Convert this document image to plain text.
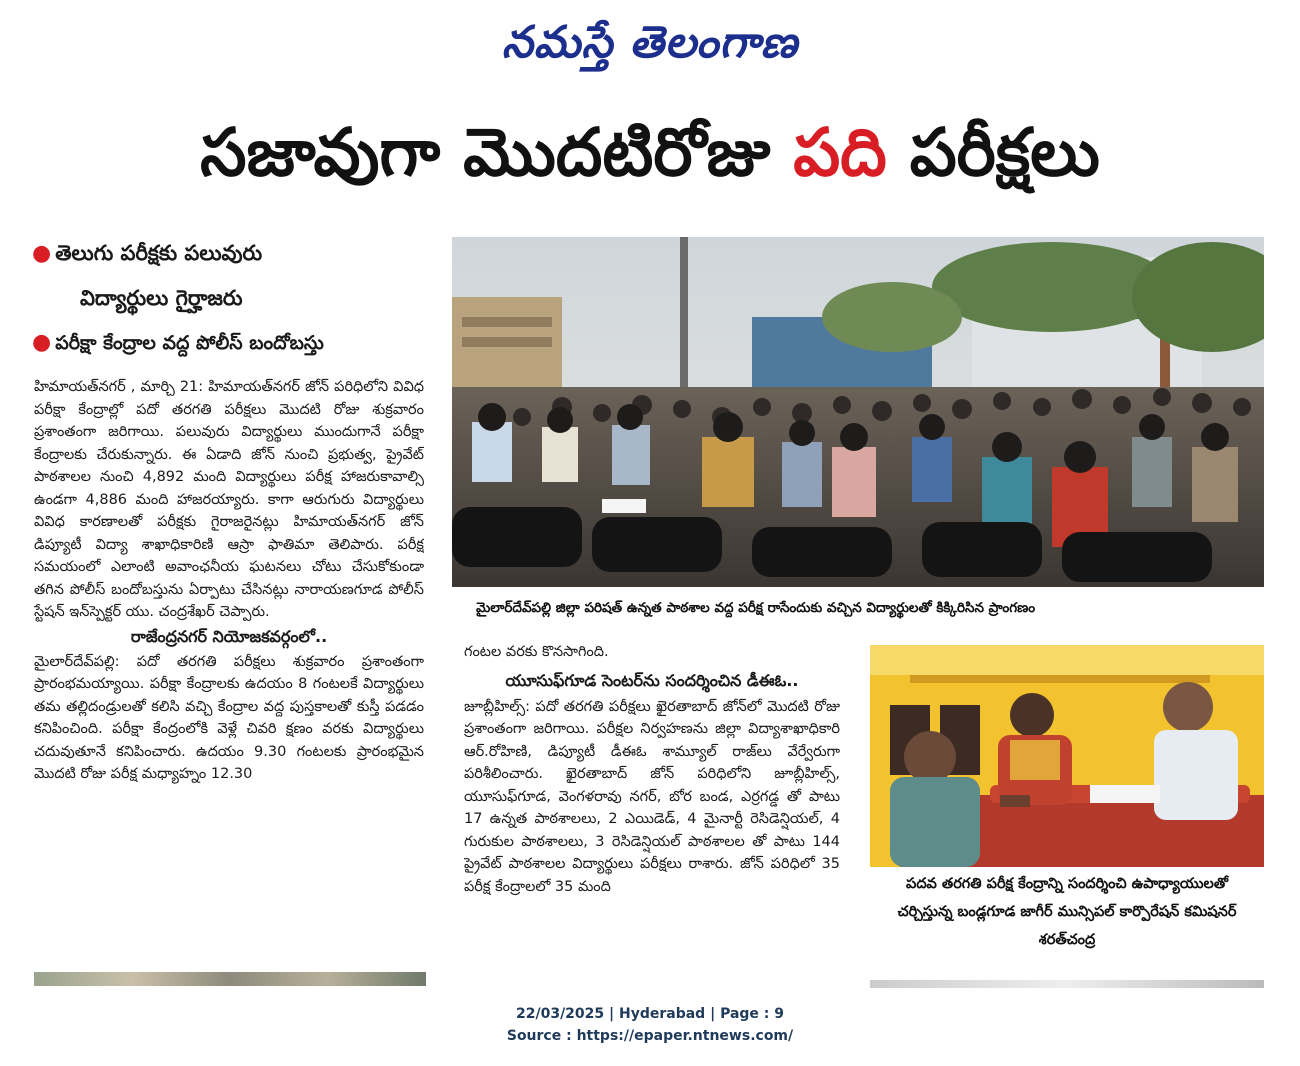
నమస్తే తెలంగాణ
సజావుగా మొదటిరోజు పది పరీక్షలు
● తెలుగు పరీక్షకు పలువురు
విద్యార్థులు గైర్హాజరు
● పరీక్షా కేంద్రాల వద్ద పోలీస్ బందోబస్తు

హిమాయత్‌నగర్ , మార్చి 21: హిమాయత్‌నగర్ జోన్ పరిధిలోని వివిధ పరీక్షా కేంద్రాల్లో పదో తరగతి పరీక్షలు మొదటి రోజు శుక్రవారం ప్రశాంతంగా జరిగాయి. పలువురు విద్యార్థులు ముందుగానే పరీక్షా కేంద్రాలకు చేరుకున్నారు. ఈ ఏడాది జోన్ నుంచి ప్రభుత్వ, ప్రైవేట్ పాఠశాలల నుంచి 4,892 మంది విద్యార్థులు పరీక్ష హాజరుకావాల్సి ఉండగా 4,886 మంది హాజరయ్యారు. కాగా ఆరుగురు విద్యార్థులు వివిధ కారణాలతో పరీక్షకు గైరాజరైనట్లు హిమాయత్‌నగర్ జోన్ డిప్యూటీ విద్యా శాఖాధికారిణి ఆస్రా ఫాతిమా తెలిపారు. పరీక్ష సమయంలో ఎలాంటి అవాంఛనీయ ఘటనలు చోటు చేసుకోకుండా తగిన పోలీస్ బందోబస్తును ఏర్పాటు చేసినట్లు నారాయణగూడ పోలీస్ స్టేషన్ ఇన్‌స్పెక్టర్ యు. చంద్రశేఖర్ చెప్పారు.

రాజేంద్రనగర్ నియోజకవర్గంలో..

మైలార్‌దేవ్‌పల్లి: పదో తరగతి పరీక్షలు శుక్రవారం ప్రశాంతంగా ప్రారంభమయ్యాయి. పరీక్షా కేంద్రాలకు ఉదయం 8 గంటలకే విద్యార్థులు తమ తల్లిదండ్రులతో కలిసి వచ్చి కేంద్రాల వద్ద పుస్తకాలతో కుస్తీ పడడం కనిపించింది. పరీక్షా కేంద్రంలోకి వెళ్లే చివరి క్షణం వరకు విద్యార్థులు చదువుతూనే కనిపించారు. ఉదయం 9.30 గంటలకు ప్రారంభమైన మొదటి రోజు పరీక్ష మధ్యాహ్నం 12.30

మైలార్‌దేవ్‌పల్లి జిల్లా పరిషత్ ఉన్నత పాఠశాల వద్ద పరీక్ష రాసేందుకు వచ్చిన విద్యార్థులతో కిక్కిరిసిన ప్రాంగణం

గంటల వరకు కొనసాగింది.

యూసుఫ్‌గూడ సెంటర్‌ను సందర్శించిన డీఈఓ..

జూబ్లీహిల్స్: పదో తరగతి పరీక్షలు ఖైరతాబాద్ జోన్‌లో మొదటి రోజు ప్రశాంతంగా జరిగాయి. పరీక్షల నిర్వహణను జిల్లా విద్యాశాఖాధికారి ఆర్.రోహిణి, డిప్యూటీ డీఈఓ శామ్యూల్ రాజ్‌లు వేర్వేరుగా పరిశీలించారు. ఖైరతాబాద్ జోన్ పరిధిలోని జూబ్లీహిల్స్, యూసుఫ్‌గూడ, వెంగళరావు నగర్, బోర బండ, ఎర్రగడ్డ తో పాటు 17 ఉన్నత పాఠశాలలు, 2 ఎయిడెడ్, 4 మైనార్టీ రెసిడెన్షియల్, 4 గురుకుల పాఠశాలలు, 3 రెసిడెన్షియల్ పాఠశాలల తో పాటు 144 ప్రైవేట్ పాఠశాలల విద్యార్థులు పరీక్షలు రాశారు. జోన్ పరిధిలో 35 పరీక్ష కేంద్రాలలో 35 మంది	పదవ తరగతి పరీక్ష కేంద్రాన్ని సందర్శించి ఉపాధ్యాయులతో చర్చిస్తున్న బండ్లగూడ జాగీర్ మున్సిపల్ కార్పొరేషన్ కమిషనర్ శరత్‌చంద్ర
22/03/2025 | Hyderabad | Page : 9
Source : https://epaper.ntnews.com/
